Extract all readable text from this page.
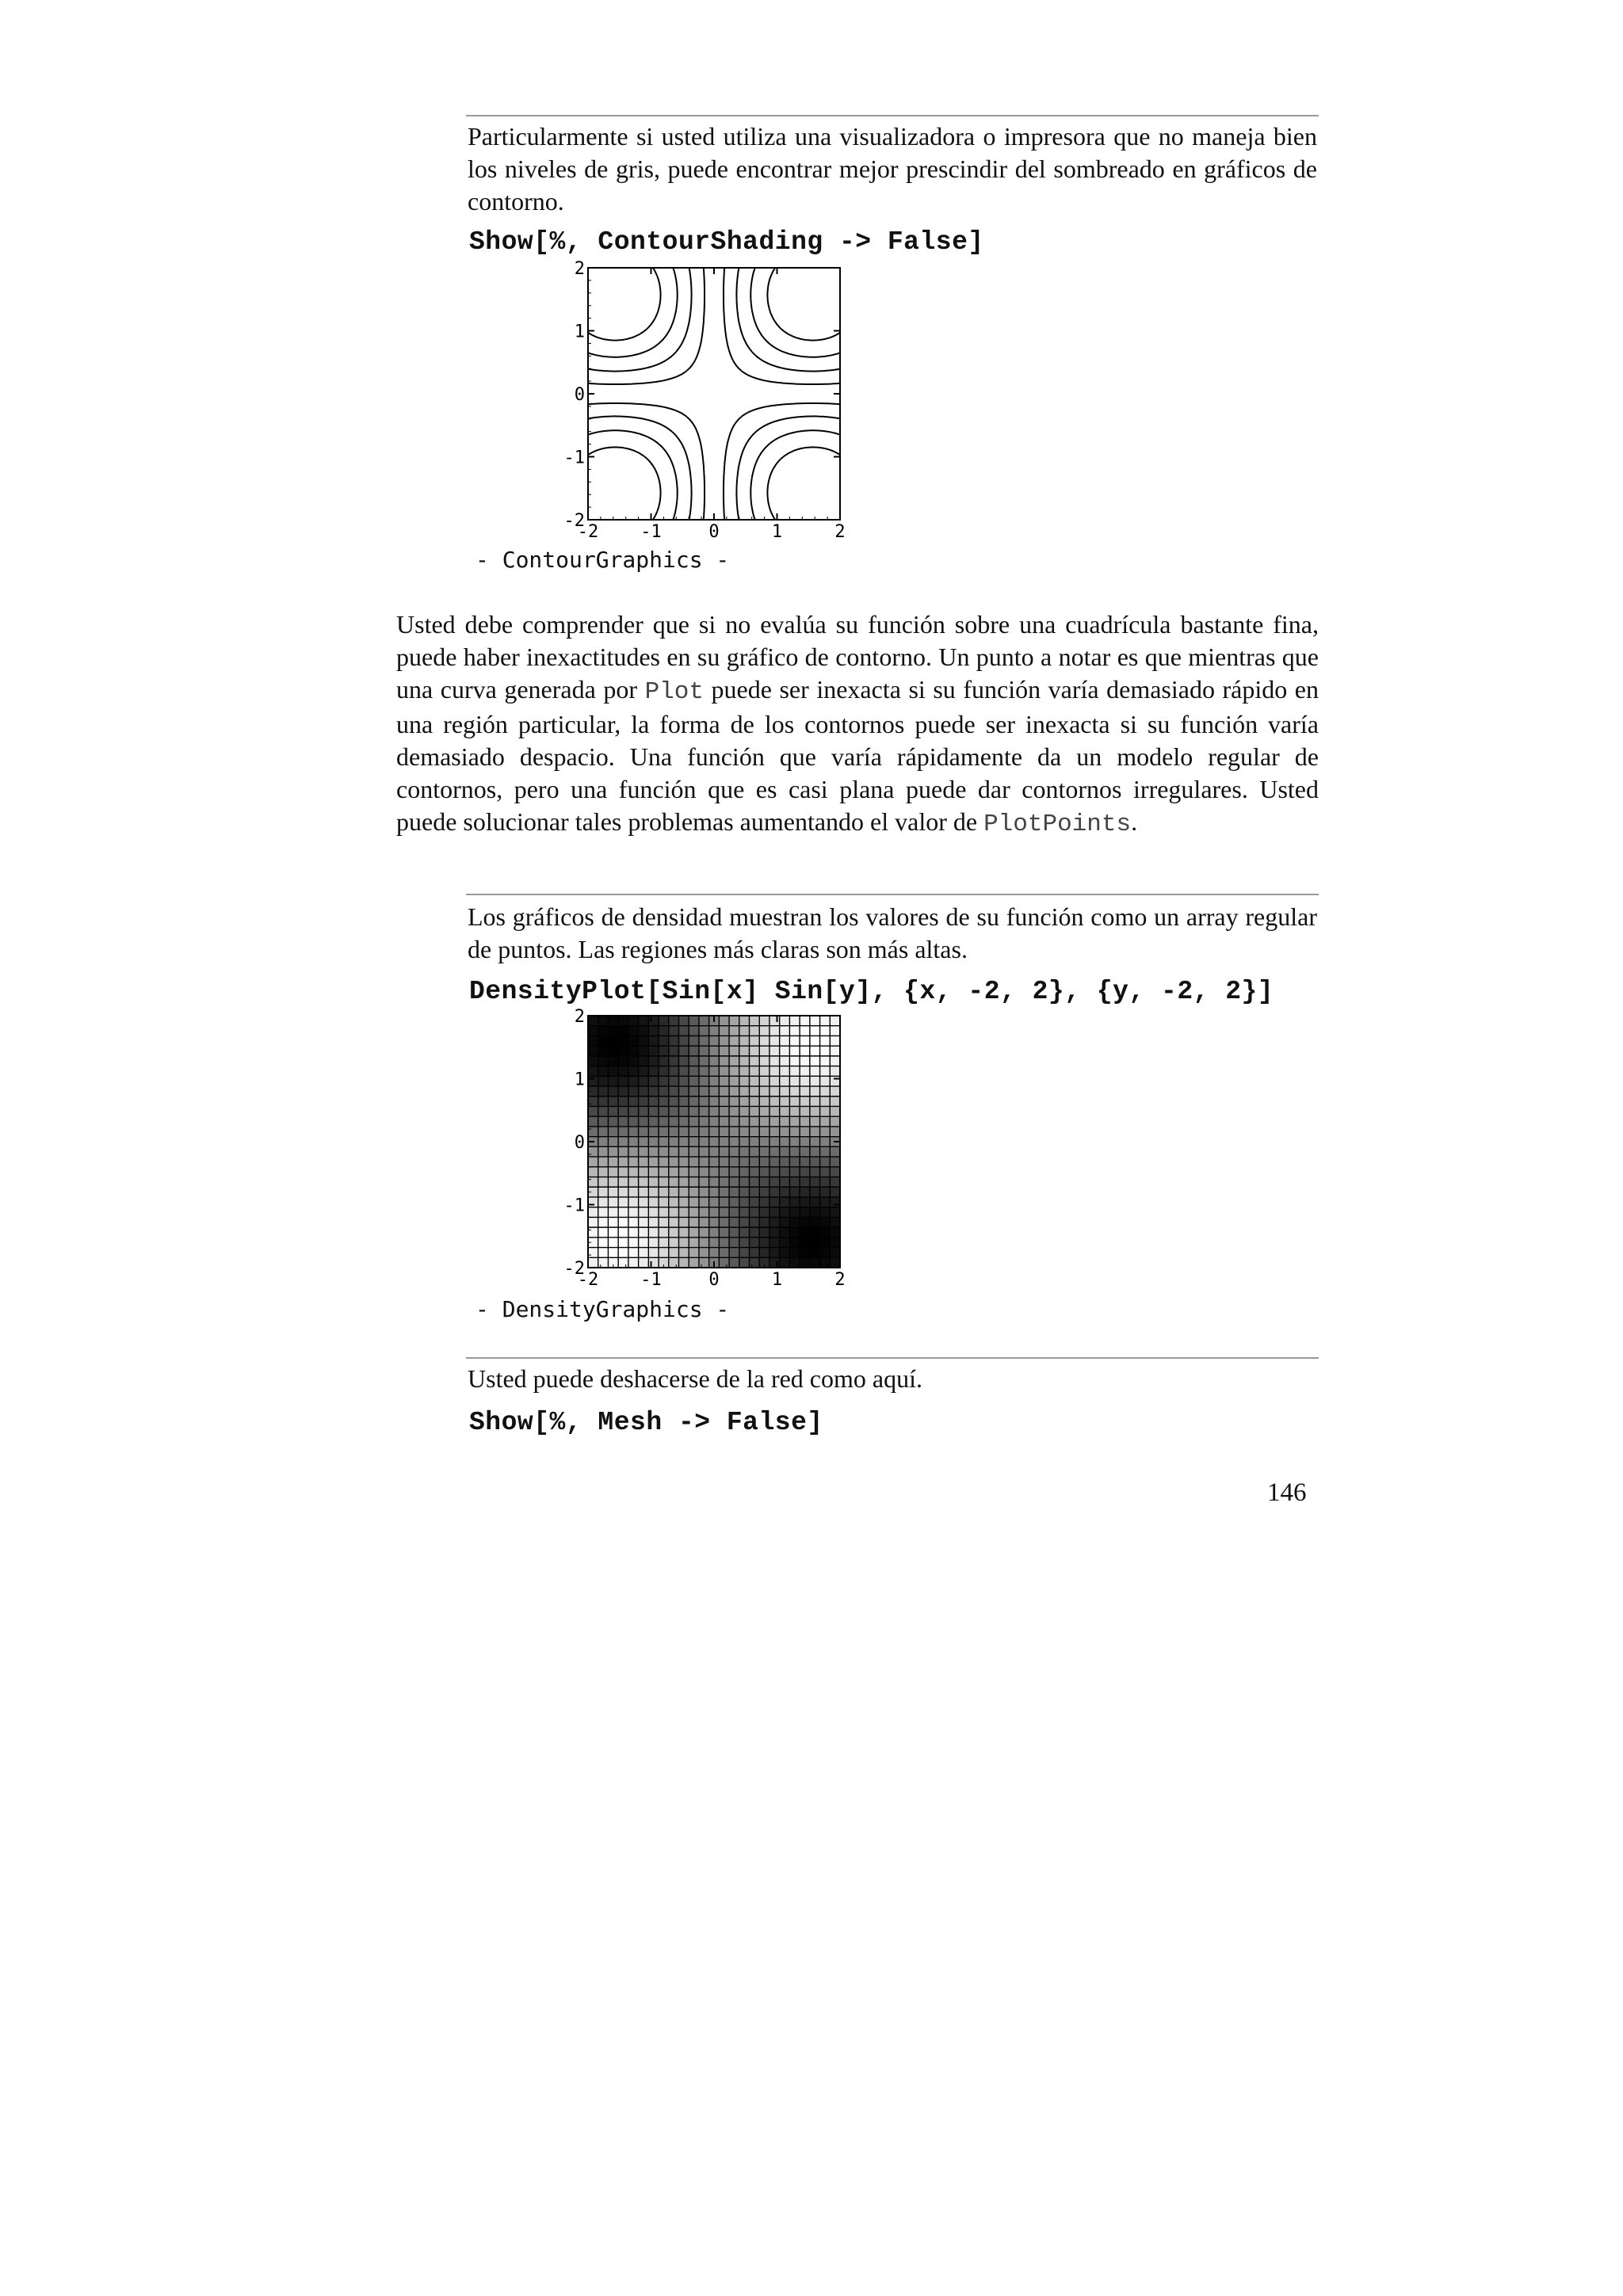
Particularmente si usted utiliza una visualizadora o impresora que no maneja bien los niveles de gris, puede encontrar mejor prescindir del sombreado en gráficos de contorno.

Show[%, ContourShading -> False]
-2 -1	0	1	2
2
1
0
-1
-2
- ContourGraphics -

Usted debe comprender que si no evalúa su función sobre una cuadrícula bastante fina, puede haber inexactitudes en su gráfico de contorno. Un punto a notar es que mientras que una curva generada por Plot puede ser inexacta si su función varía demasiado rápido en una región particular, la forma de los contornos puede ser inexacta si su función varía demasiado despacio. Una función que varía rápidamente da un modelo regular de contornos, pero una función que es casi plana puede dar contornos irregulares. Usted puede solucionar tales problemas aumentando el valor de PlotPoints.

Los gráficos de densidad muestran los valores de su función como un array regular de puntos. Las regiones más claras son más altas.

DensityPlot[Sin[x] Sin[y], {x, -2, 2}, {y, -2, 2}]
-2 -1	0	1	2
2
1
0
-1
-2
- DensityGraphics -

Usted puede deshacerse de la red como aquí.

Show[%, Mesh -> False]
146
